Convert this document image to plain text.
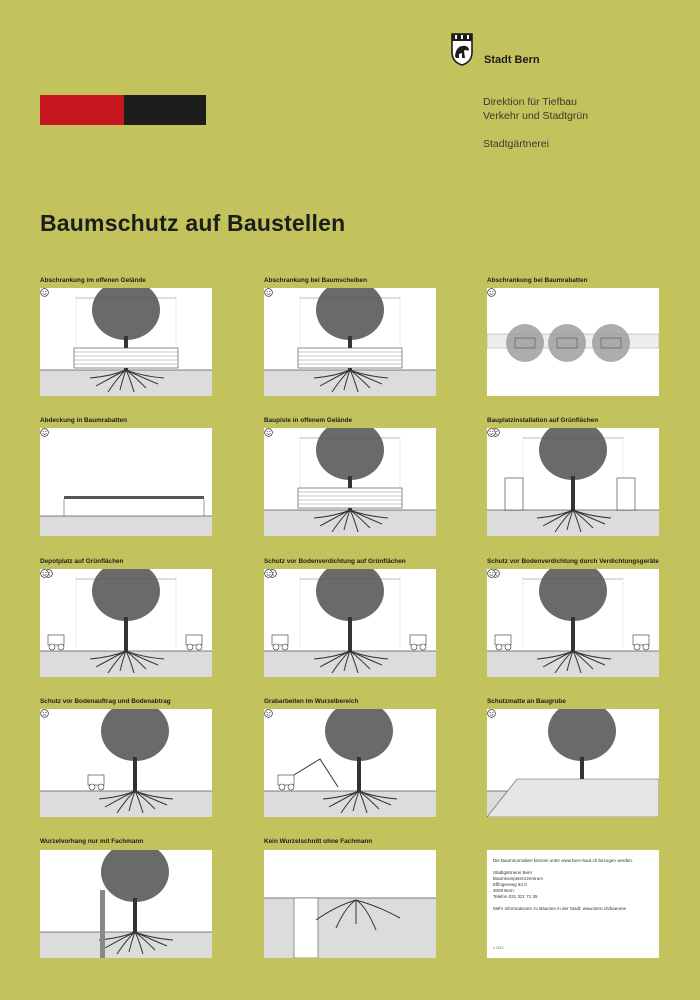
Stadt Bern
Direktion für Tiefbau
Verkehr und Stadtgrün
Stadtgärtnerei
Baumschutz auf Baustellen
Abschrankung im offenen Gelände	Abschrankung bei Baumscheiben	Abschrankung bei Baumrabatten
Abdeckung in Baumrabatten	Baupiste in offenem Gelände	Bauplatzinstallation auf Grünflächen
Depotplatz auf Grünflächen	Schutz vor Bodenverdichtung auf Grünflächen	Schutz vor Bodenverdichtung durch Verdichtungsgeräte
Schutz vor Bodenauftrag und Bodenabtrag	Grabarbeiten im Wurzelbereich	Schutzmatte an Baugrube
Wurzelvorhang nur mit Fachmann	Kein Wurzelschnitt ohne Fachmann
Die Baumnormalien können unter www.bern-baut.ch bezogen werden.
Stadtgärtnerei Bern
Baumkompetenzzentrum
Effingerweg 84.0
3008 Bern
Telefon 031 321 71 35
Mehr Informationen zu Bäumen in der Stadt: www.bern.ch/baeume
1.2012
